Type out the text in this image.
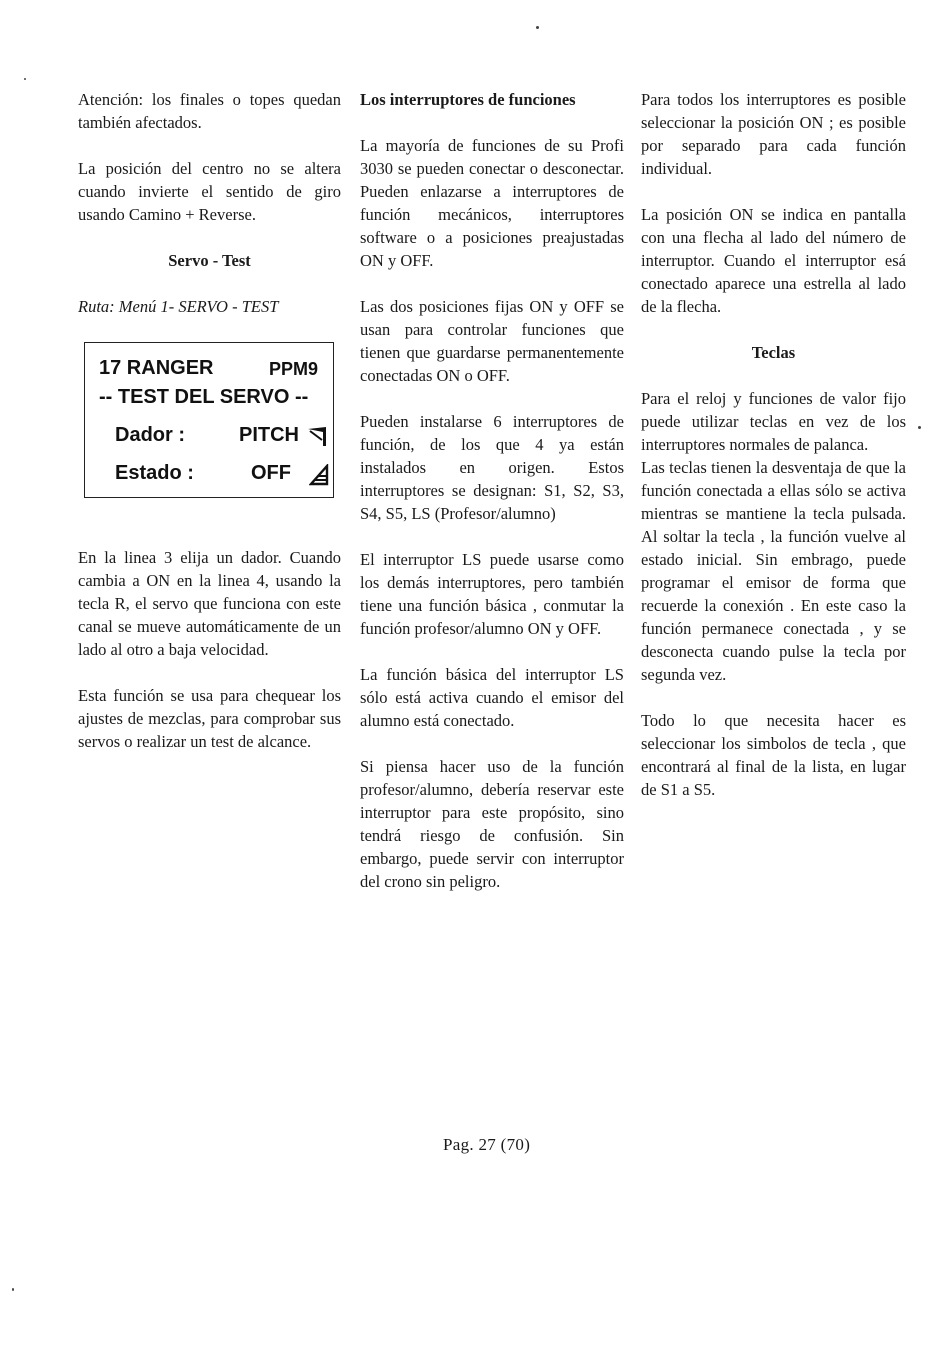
Atención: los finales o topes quedan también afectados.

La posición del centro no se altera cuando invierte el sentido de giro usando Camino + Reverse.

Servo - Test
Ruta: Menú 1- SERVO - TEST
17 RANGER	PPM9
-- TEST DEL SERVO --
Dador :	PITCH
Estado :	OFF

En la linea 3 elija un dador. Cuando cambia a ON en la linea 4, usando la tecla R, el servo que funciona con este canal se mueve automáticamente de un lado al otro a baja velocidad.

Esta función se usa para chequear los ajustes de mezclas, para comprobar sus servos o realizar un test de alcance.

Los interruptores de funciones

La mayoría de funciones de su Profi 3030 se pueden conectar o desconectar. Pueden enlazarse a interruptores de función mecánicos, interruptores software o a posiciones preajustadas ON y OFF.

Las dos posiciones fijas ON y OFF se usan para controlar funciones que tienen que guardarse permanentemente conectadas ON o OFF.

Pueden instalarse 6 interruptores de función, de los que 4 ya están instalados en origen. Estos interruptores se designan: S1, S2, S3, S4, S5, LS (Profesor/alumno)

El interruptor LS puede usarse como los demás interruptores, pero también tiene una función básica , conmutar la función profesor/alumno ON y OFF.

La función básica del interruptor LS sólo está activa cuando el emisor del alumno está conectado.

Si piensa hacer uso de la función profesor/alumno, debería reservar este interruptor para este propósito, sino tendrá riesgo de confusión. Sin embargo, puede servir con interruptor del crono sin peligro.

Para todos los interruptores es posible seleccionar la posición ON ; es posible por separado para cada función individual.

La posición ON se indica en pantalla con una flecha al lado del número de interruptor. Cuando el interruptor esá conectado aparece una estrella al lado de la flecha.

Teclas

Para el reloj y funciones de valor fijo puede utilizar teclas en vez de los interruptores normales de palanca.

Las teclas tienen la desventaja de que la función conectada a ellas sólo se activa mientras se mantiene la tecla pulsada. Al soltar la tecla , la función vuelve al estado inicial. Sin embrago, puede programar el emisor de forma que recuerde la conexión . En este caso la función permanece conectada , y se desconecta cuando pulse la tecla por segunda vez.

Todo lo que necesita hacer es seleccionar los simbolos de tecla , que encontrará al final de la lista, en lugar de S1 a S5.

Pag. 27 (70)
